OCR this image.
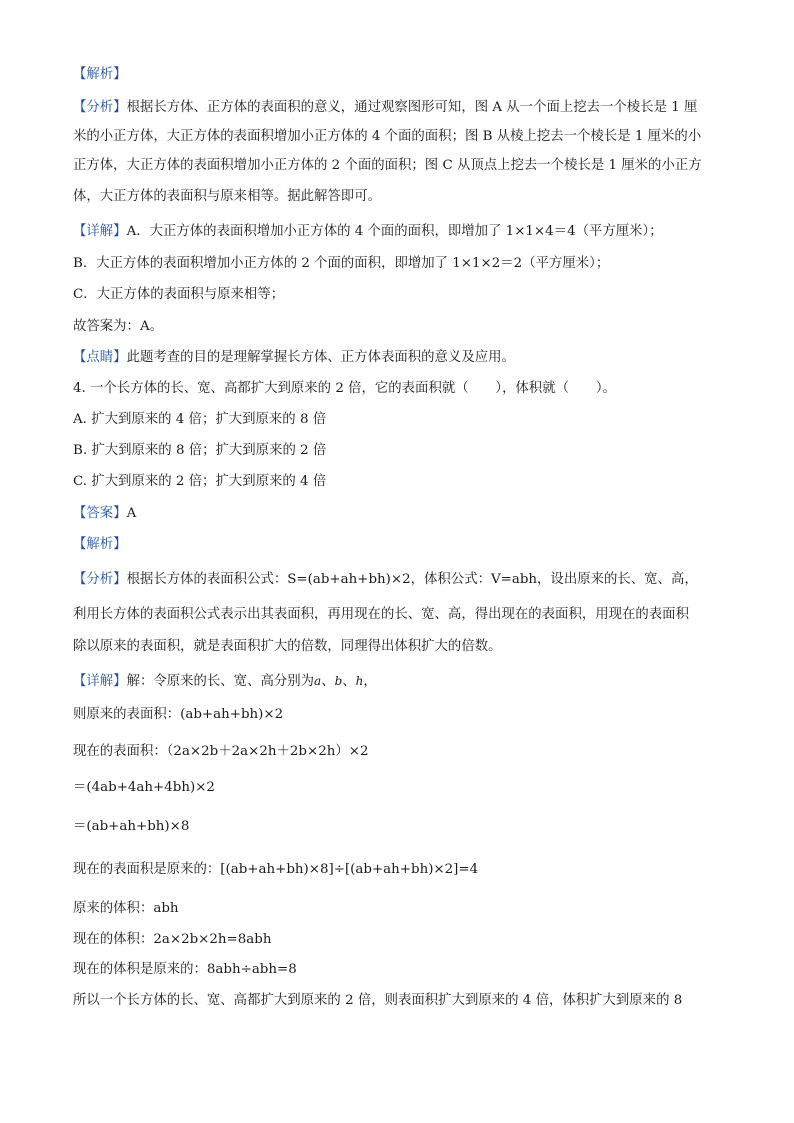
【解析】
【分析】根据长方体、正方体的表面积的意义，通过观察图形可知，图 A 从一个面上挖去一个棱长是 1 厘
米的小正方体，大正方体的表面积增加小正方体的 4 个面的面积；图 B 从棱上挖去一个棱长是 1 厘米的小
正方体，大正方体的表面积增加小正方体的 2 个面的面积；图 C 从顶点上挖去一个棱长是 1 厘米的小正方
体，大正方体的表面积与原来相等。据此解答即可。
【详解】A．大正方体的表面积增加小正方体的 4 个面的面积，即增加了 1×1×4＝4（平方厘米）；
B．大正方体的表面积增加小正方体的 2 个面的面积，即增加了 1×1×2＝2（平方厘米）；
C．大正方体的表面积与原来相等；
故答案为：A。
【点睛】此题考查的目的是理解掌握长方体、正方体表面积的意义及应用。
4. 一个长方体的长、宽、高都扩大到原来的 2 倍，它的表面积就（　　），体积就（　　）。
A. 扩大到原来的 4 倍；扩大到原来的 8 倍
B. 扩大到原来的 8 倍；扩大到原来的 2 倍
C. 扩大到原来的 2 倍；扩大到原来的 4 倍
【答案】A
【解析】
【分析】根据长方体的表面积公式：S=(ab+ah+bh)×2，体积公式：V=abh，设出原来的长、宽、高，
利用长方体的表面积公式表示出其表面积，再用现在的长、宽、高，得出现在的表面积，用现在的表面积
除以原来的表面积，就是表面积扩大的倍数，同理得出体积扩大的倍数。
【详解】解：令原来的长、宽、高分别为a、b、h，
则原来的表面积：(ab+ah+bh)×2
现在的表面积：（2a×2b＋2a×2h＋2b×2h）×2
＝(4ab+4ah+4bh)×2
＝(ab+ah+bh)×8
现在的表面积是原来的：[(ab+ah+bh)×8]÷[(ab+ah+bh)×2]=4
原来的体积：abh
现在的体积：2a×2b×2h=8abh
现在的体积是原来的：8abh÷abh=8
所以一个长方体的长、宽、高都扩大到原来的 2 倍，则表面积扩大到原来的 4 倍，体积扩大到原来的 8
